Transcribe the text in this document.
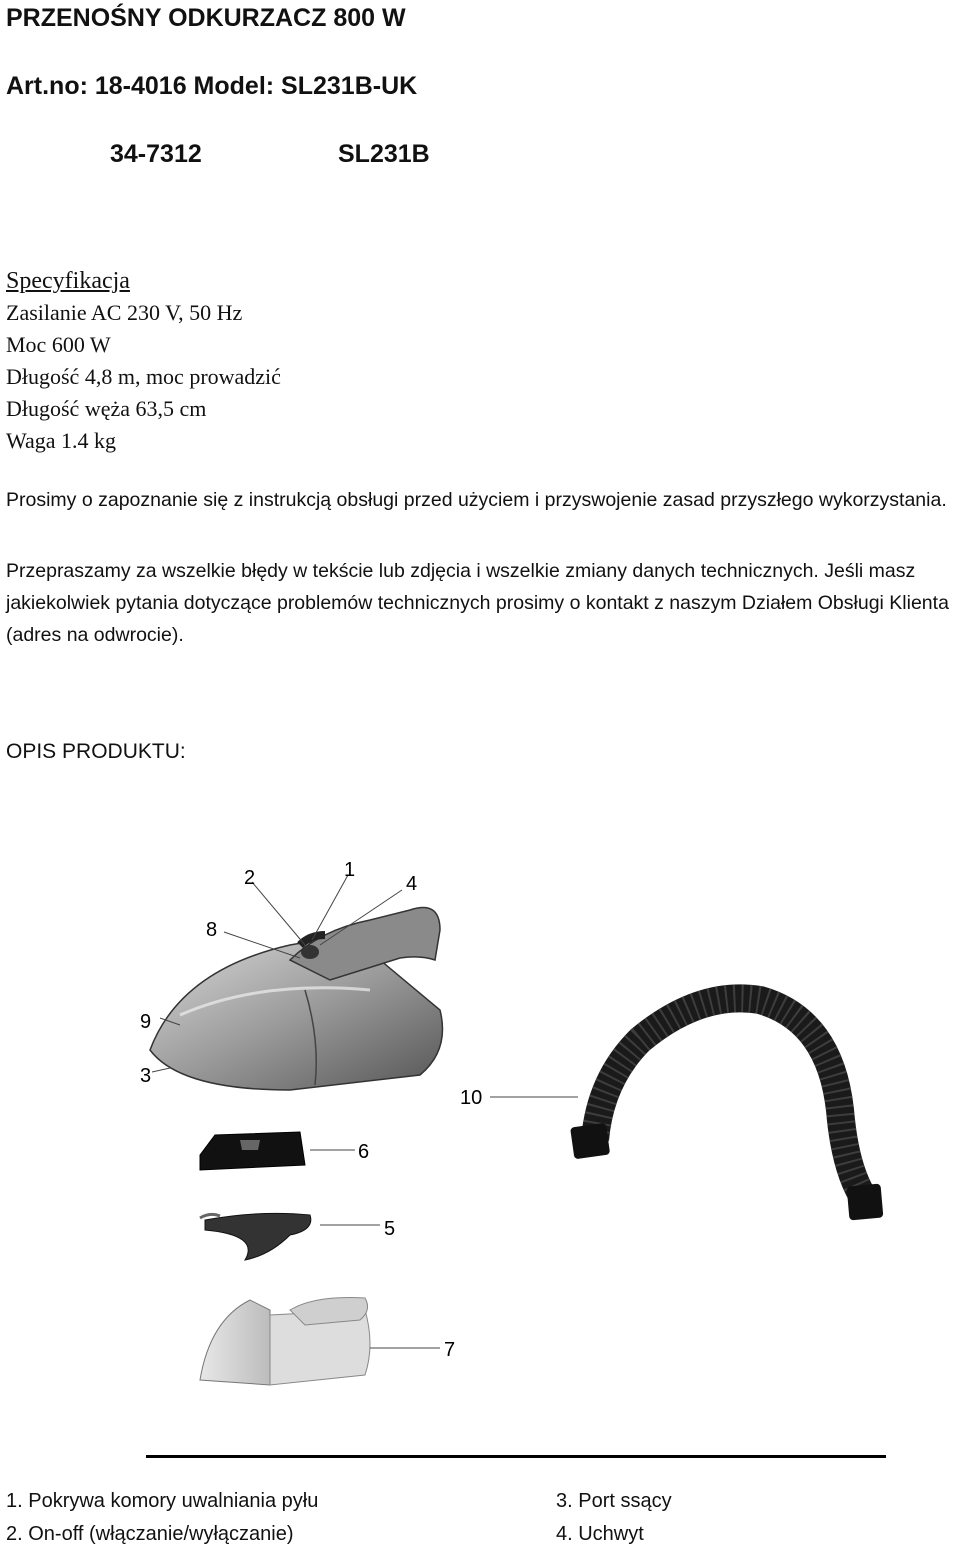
PRZENOŚNY ODKURZACZ 800 W
Art.no: 18-4016 Model: SL231B-UK
34-7312	SL231B
Specyfikacja
Zasilanie AC 230 V, 50 Hz
Moc 600 W
Długość 4,8 m, moc prowadzić
Długość wężа 63,5 cm
Waga 1.4 kg
Prosimy o zapoznanie się z instrukcją obsługi przed użyciem i przyswojenie zasad przyszłego wykorzystania.
Przepraszamy za wszelkie błędy w tekście lub zdjęcia i wszelkie zmiany danych technicznych. Jeśli masz jakiekolwiek pytania dotyczące problemów technicznych prosimy o kontakt z naszym Działem Obsługi Klienta (adres na odwrocie).
OPIS PRODUKTU:
2	1
4
8
9
3
6
5
7
10
1. Pokrywa komory uwalniania pyłu	3. Port ssący
2. On-off (włączanie/wyłączanie)	4. Uchwyt
